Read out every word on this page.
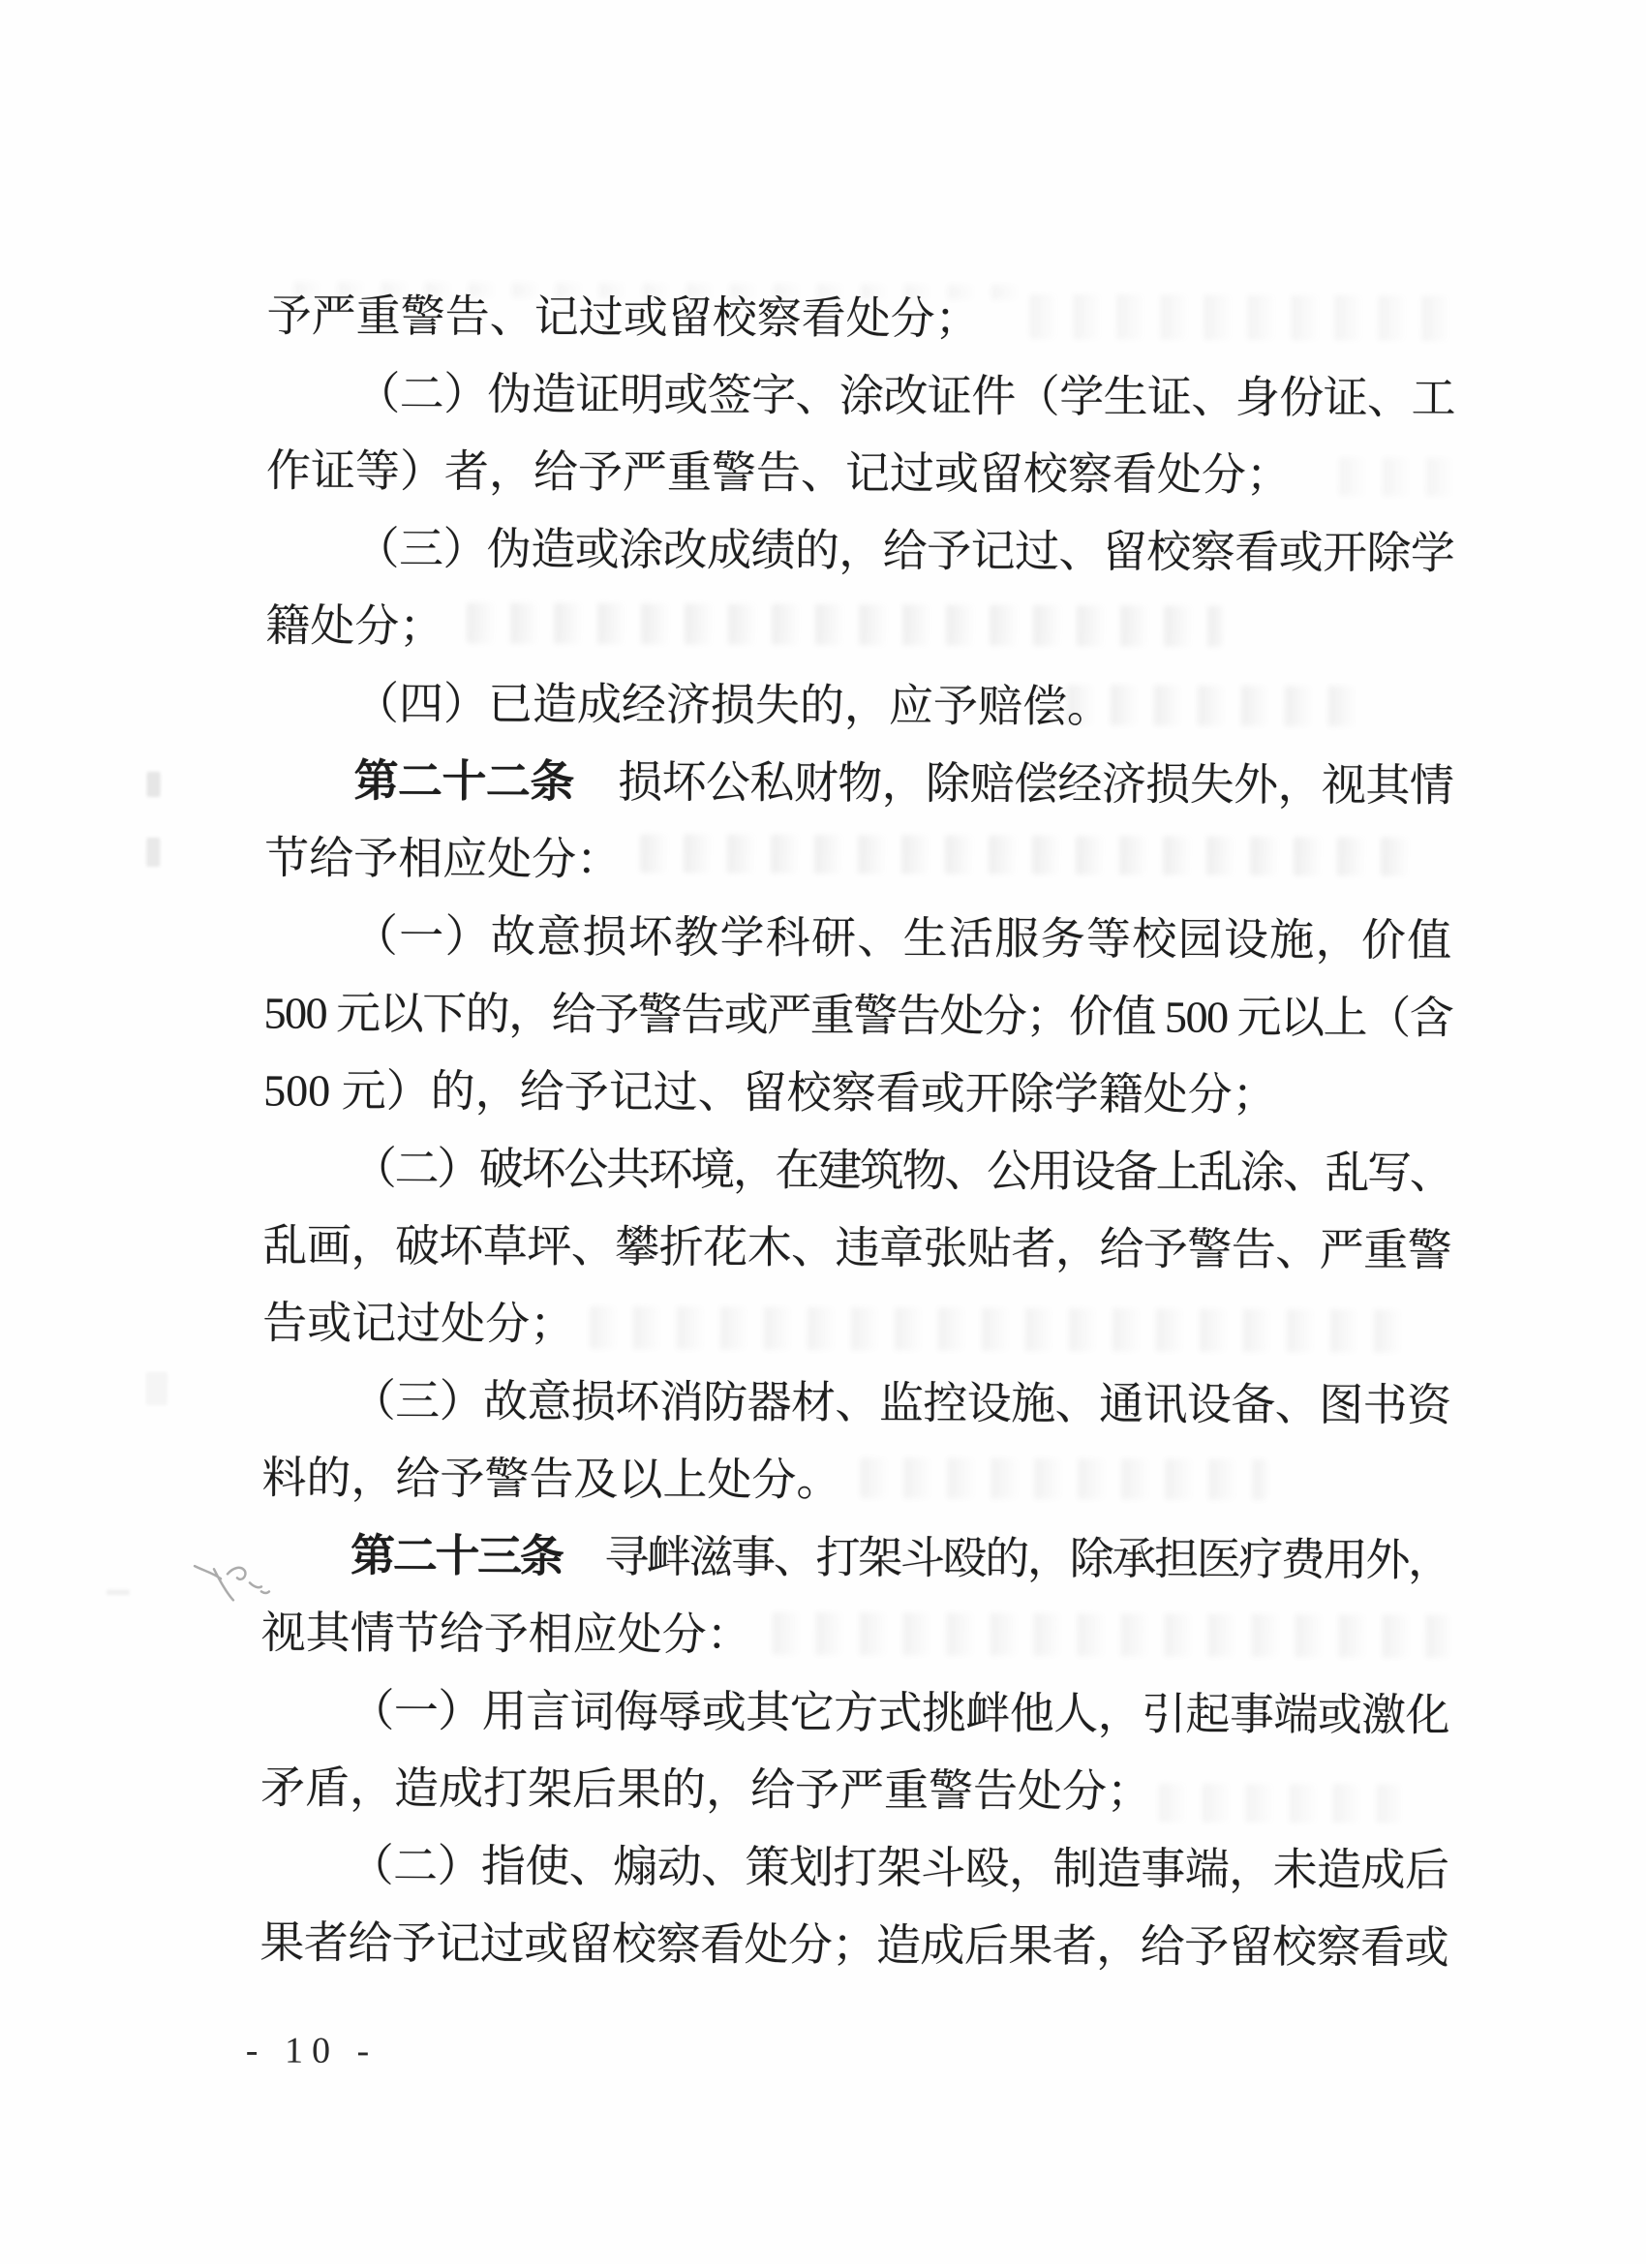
予严重警告、记过或留校察看处分；
（二）伪造证明或签字、涂改证件（学生证、身份证、工
作证等）者，给予严重警告、记过或留校察看处分；
（三）伪造或涂改成绩的，给予记过、留校察看或开除学
籍处分；
（四）已造成经济损失的，应予赔偿。
第二十二条　损坏公私财物，除赔偿经济损失外，视其情
节给予相应处分：
（一）故意损坏教学科研、生活服务等校园设施，价值
500 元以下的，给予警告或严重警告处分；价值 500 元以上（含
500 元）的，给予记过、留校察看或开除学籍处分；
（二）破坏公共环境，在建筑物、公用设备上乱涂、乱写、
乱画，破坏草坪、攀折花木、违章张贴者，给予警告、严重警
告或记过处分；
（三）故意损坏消防器材、监控设施、通讯设备、图书资
料的，给予警告及以上处分。
第二十三条　寻衅滋事、打架斗殴的，除承担医疗费用外，
视其情节给予相应处分：
（一）用言词侮辱或其它方式挑衅他人，引起事端或激化
矛盾，造成打架后果的，给予严重警告处分；
（二）指使、煽动、策划打架斗殴，制造事端，未造成后
果者给予记过或留校察看处分；造成后果者，给予留校察看或
- 10 -
